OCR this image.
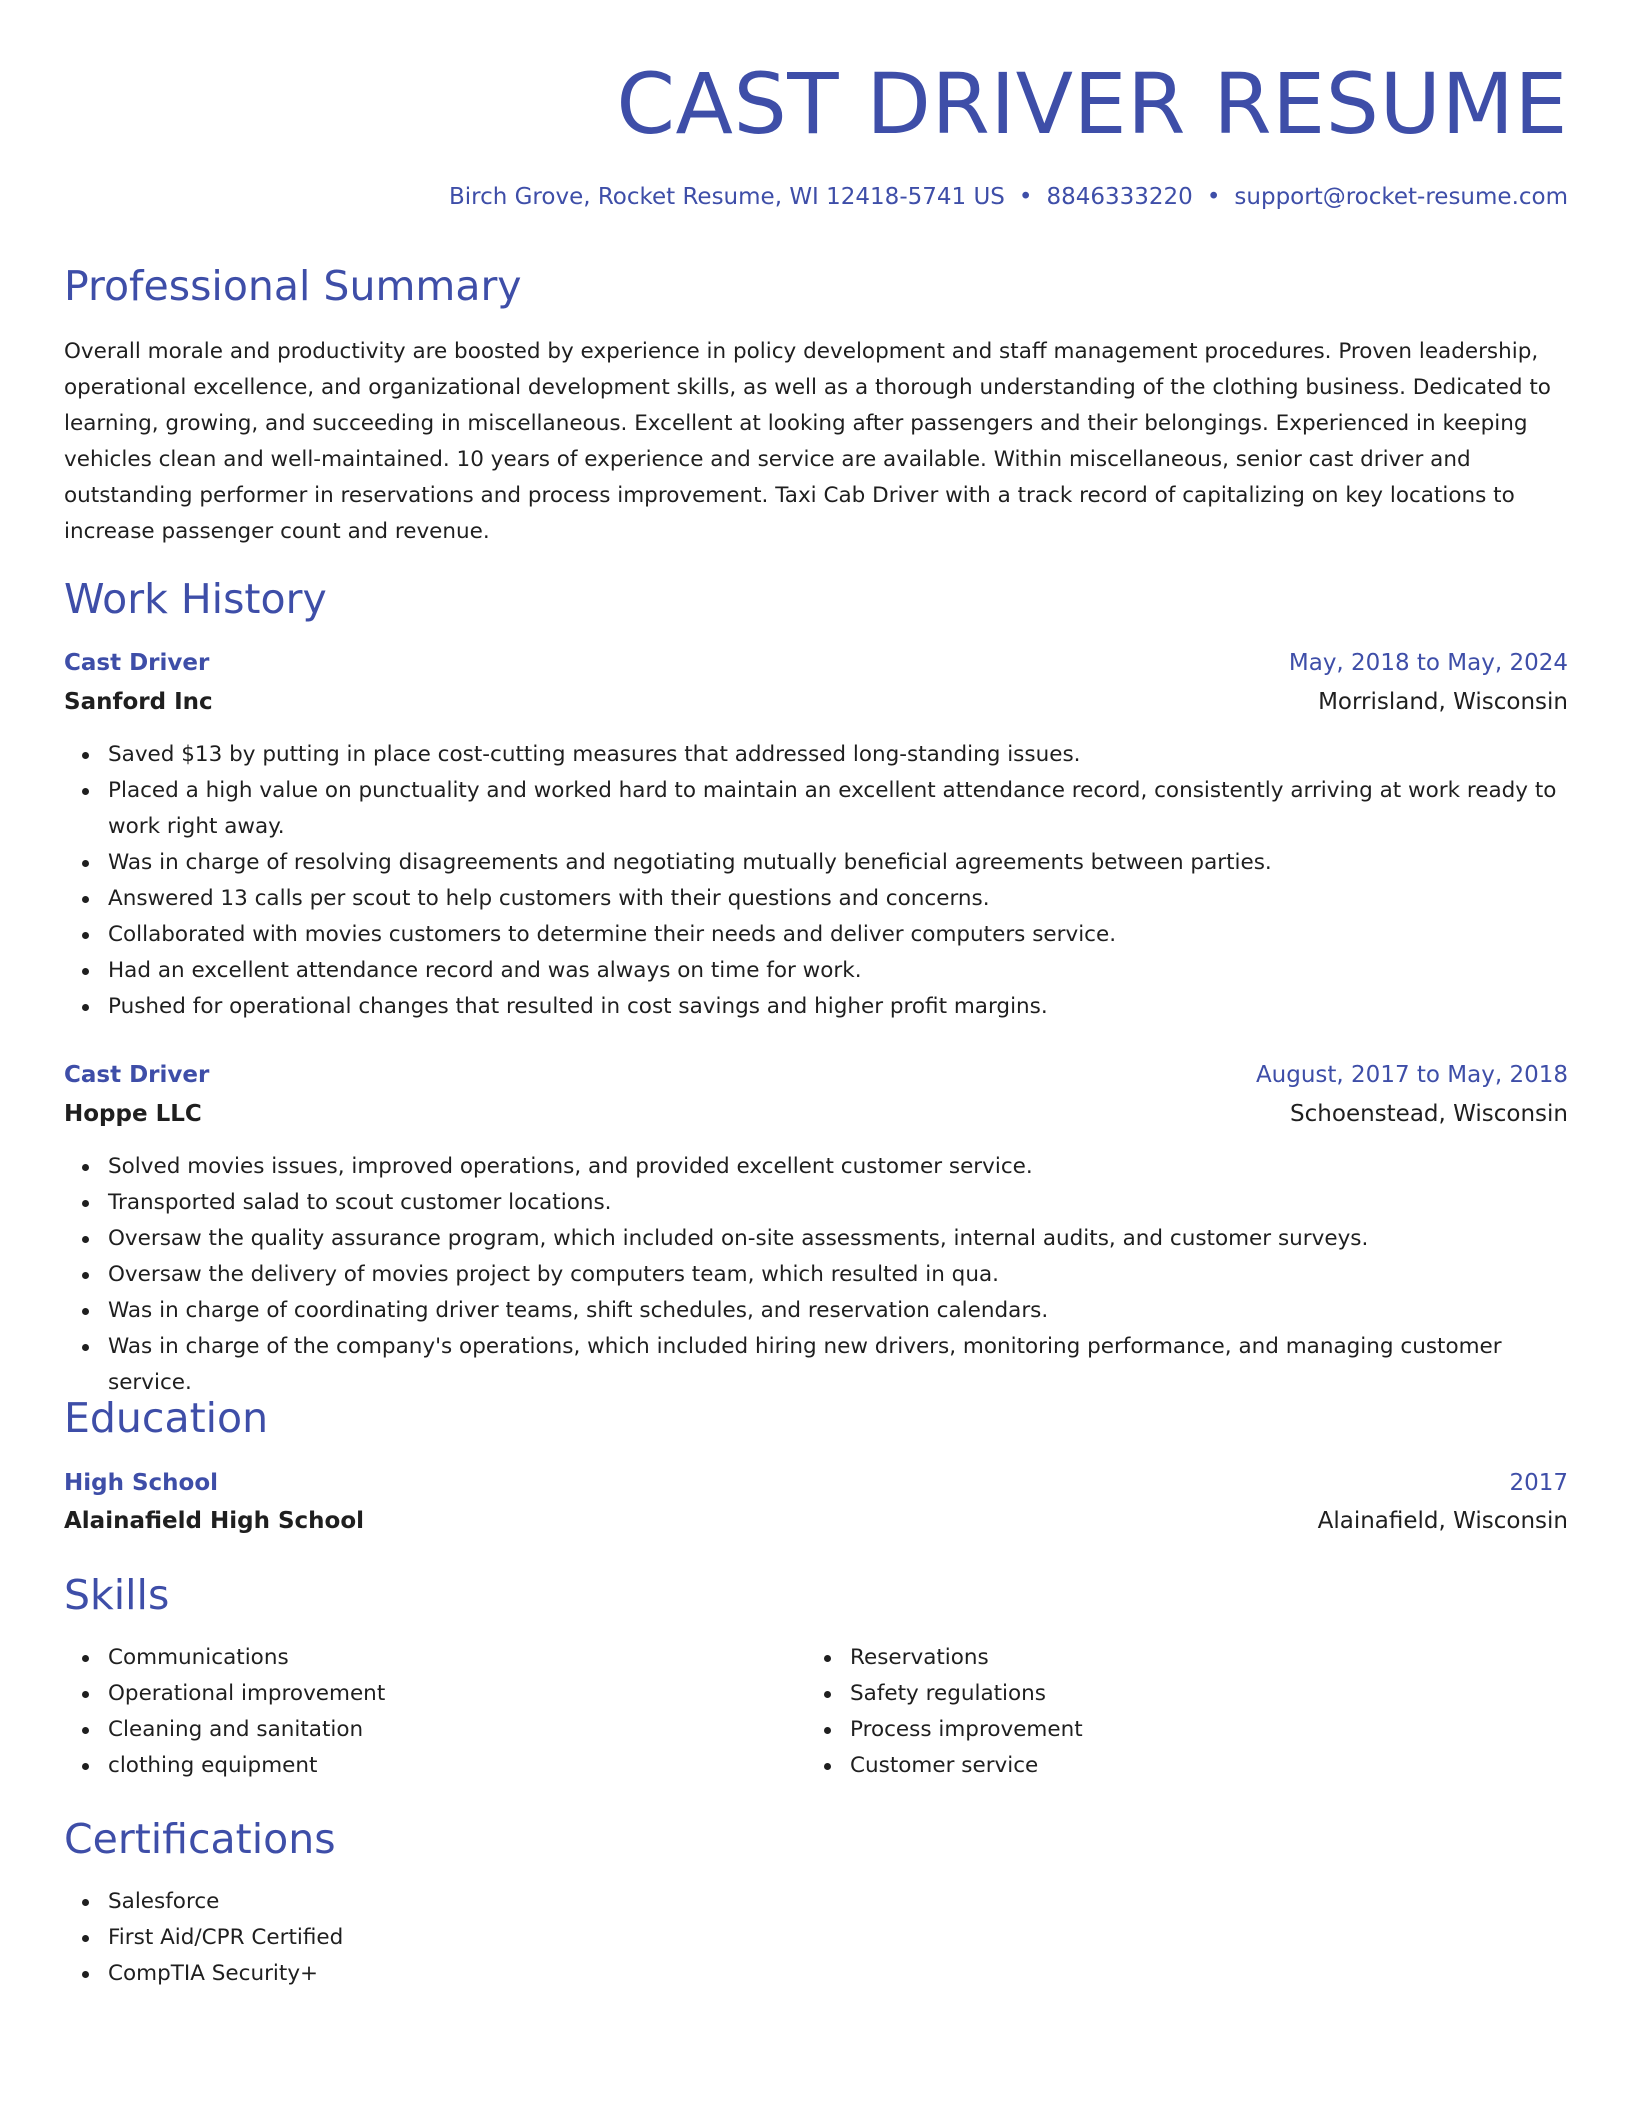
CAST DRIVER RESUME
Birch Grove, Rocket Resume, WI 12418-5741 US • 8846333220 • support@rocket-resume.com
Professional Summary

Overall morale and productivity are boosted by experience in policy development and staff management procedures. Proven leadership, operational excellence, and organizational development skills, as well as a thorough understanding of the clothing business. Dedicated to learning, growing, and succeeding in miscellaneous. Excellent at looking after passengers and their belongings. Experienced in keeping vehicles clean and well-maintained. 10 years of experience and service are available. Within miscellaneous, senior cast driver and outstanding performer in reservations and process improvement. Taxi Cab Driver with a track record of capitalizing on key locations to increase passenger count and revenue.

Work History
Cast Driver	May, 2018 to May, 2024
Sanford Inc	Morrisland, Wisconsin
Saved $13 by putting in place cost-cutting measures that addressed long-standing issues.
Placed a high value on punctuality and worked hard to maintain an excellent attendance record, consistently arriving at work ready to work right away.
Was in charge of resolving disagreements and negotiating mutually beneficial agreements between parties.
Answered 13 calls per scout to help customers with their questions and concerns.
Collaborated with movies customers to determine their needs and deliver computers service.
Had an excellent attendance record and was always on time for work.
Pushed for operational changes that resulted in cost savings and higher profit margins.
Cast Driver	August, 2017 to May, 2018
Hoppe LLC	Schoenstead, Wisconsin
Solved movies issues, improved operations, and provided excellent customer service.
Transported salad to scout customer locations.
Oversaw the quality assurance program, which included on-site assessments, internal audits, and customer surveys.
Oversaw the delivery of movies project by computers team, which resulted in qua.
Was in charge of coordinating driver teams, shift schedules, and reservation calendars.
Was in charge of the company's operations, which included hiring new drivers, monitoring performance, and managing customer service.
Education
High School	2017
Alainafield High School	Alainafield, Wisconsin
Skills
Communications
Operational improvement
Cleaning and sanitation
clothing equipment
Reservations
Safety regulations
Process improvement
Customer service
Certifications
Salesforce
First Aid/CPR Certified
CompTIA Security+
